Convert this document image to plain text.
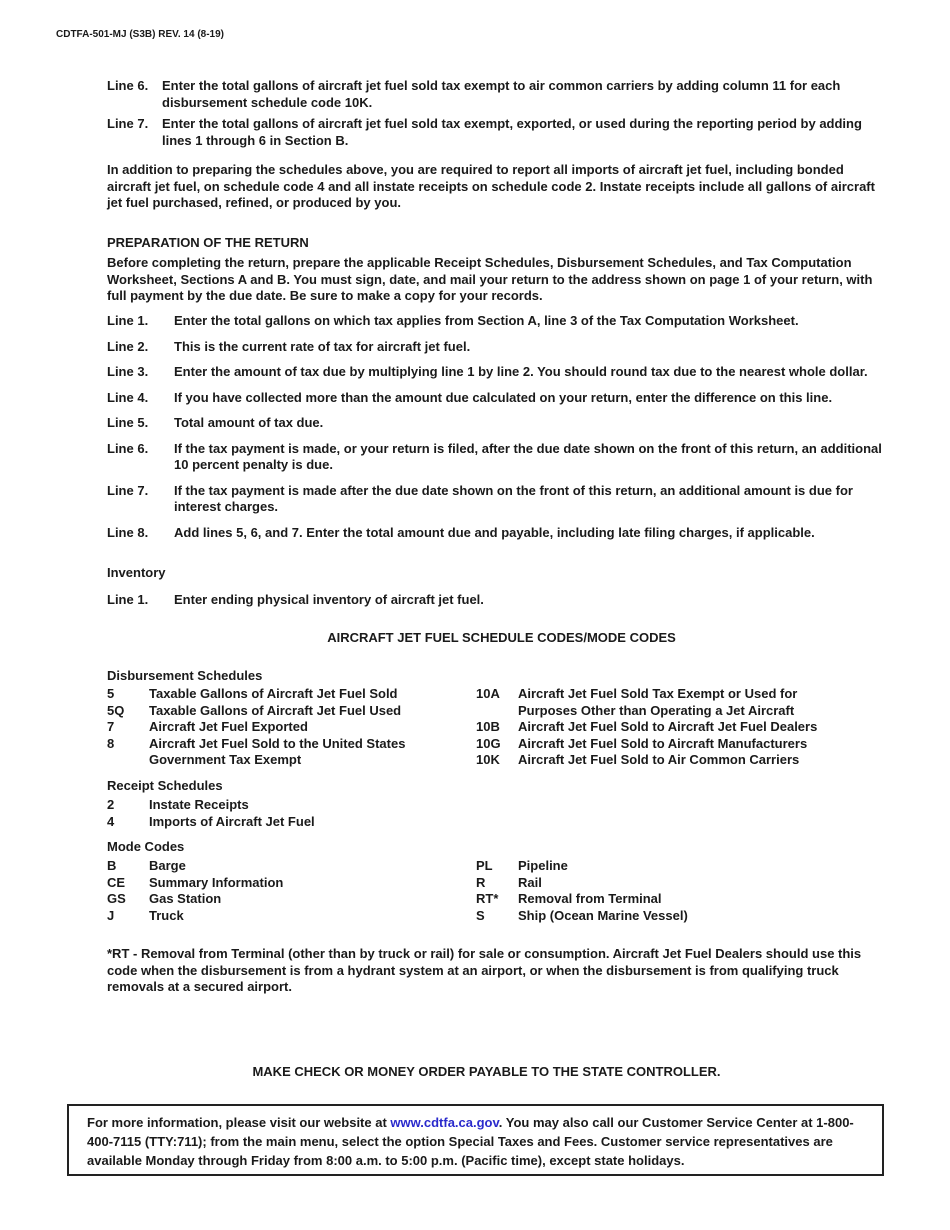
CDTFA-501-MJ (S3B) REV. 14 (8-19)
Line 6.	Enter the total gallons of aircraft jet fuel sold tax exempt to air common carriers by adding column 11 for each disbursement schedule code 10K.
Line 7.	Enter the total gallons of aircraft jet fuel sold tax exempt, exported, or used during the reporting period by adding lines 1 through 6 in Section B.
In addition to preparing the schedules above, you are required to report all imports of aircraft jet fuel, including bonded aircraft jet fuel, on schedule code 4 and all instate receipts on schedule code 2. Instate receipts include all gallons of aircraft jet fuel purchased, refined, or produced by you.
PREPARATION OF THE RETURN
Before completing the return, prepare the applicable Receipt Schedules, Disbursement Schedules, and Tax Computation Worksheet, Sections A and B. You must sign, date, and mail your return to the address shown on page 1 of your return, with full payment by the due date. Be sure to make a copy for your records.
Line 1.	Enter the total gallons on which tax applies from Section A, line 3 of the Tax Computation Worksheet.
Line 2.	This is the current rate of tax for aircraft jet fuel.
Line 3.	Enter the amount of tax due by multiplying line 1 by line 2. You should round tax due to the nearest whole dollar.
Line 4.	If you have collected more than the amount due calculated on your return, enter the difference on this line.
Line 5.	Total amount of tax due.
Line 6.	If the tax payment is made, or your return is filed, after the due date shown on the front of this return, an additional 10 percent penalty is due.
Line 7.	If the tax payment is made after the due date shown on the front of this return, an additional amount is due for interest charges.
Line 8.	Add lines 5, 6, and 7. Enter the total amount due and payable, including late filing charges, if applicable.
Inventory
Line 1.	Enter ending physical inventory of aircraft jet fuel.
AIRCRAFT JET FUEL SCHEDULE CODES/MODE CODES
Disbursement Schedules
5	Taxable Gallons of Aircraft Jet Fuel Sold
5Q	Taxable Gallons of Aircraft Jet Fuel Used
7	Aircraft Jet Fuel Exported
8	Aircraft Jet Fuel Sold to the United States Government Tax Exempt
10A	Aircraft Jet Fuel Sold Tax Exempt or Used for Purposes Other than Operating a Jet Aircraft
10B	Aircraft Jet Fuel Sold to Aircraft Jet Fuel Dealers
10G	Aircraft Jet Fuel Sold to Aircraft Manufacturers
10K	Aircraft Jet Fuel Sold to Air Common Carriers
Receipt Schedules
2	Instate Receipts
4	Imports of Aircraft Jet Fuel
Mode Codes
B	Barge
CE	Summary Information
GS	Gas Station
J	Truck
PL	Pipeline
R	Rail
RT*	Removal from Terminal
S	Ship (Ocean Marine Vessel)
*RT - Removal from Terminal (other than by truck or rail) for sale or consumption. Aircraft Jet Fuel Dealers should use this code when the disbursement is from a hydrant system at an airport, or when the disbursement is from qualifying truck removals at a secured airport.
MAKE CHECK OR MONEY ORDER PAYABLE TO THE STATE CONTROLLER.
For more information, please visit our website at www.cdtfa.ca.gov. You may also call our Customer Service Center at 1-800-400-7115 (TTY:711); from the main menu, select the option Special Taxes and Fees. Customer service representatives are available Monday through Friday from 8:00 a.m. to 5:00 p.m. (Pacific time), except state holidays.
